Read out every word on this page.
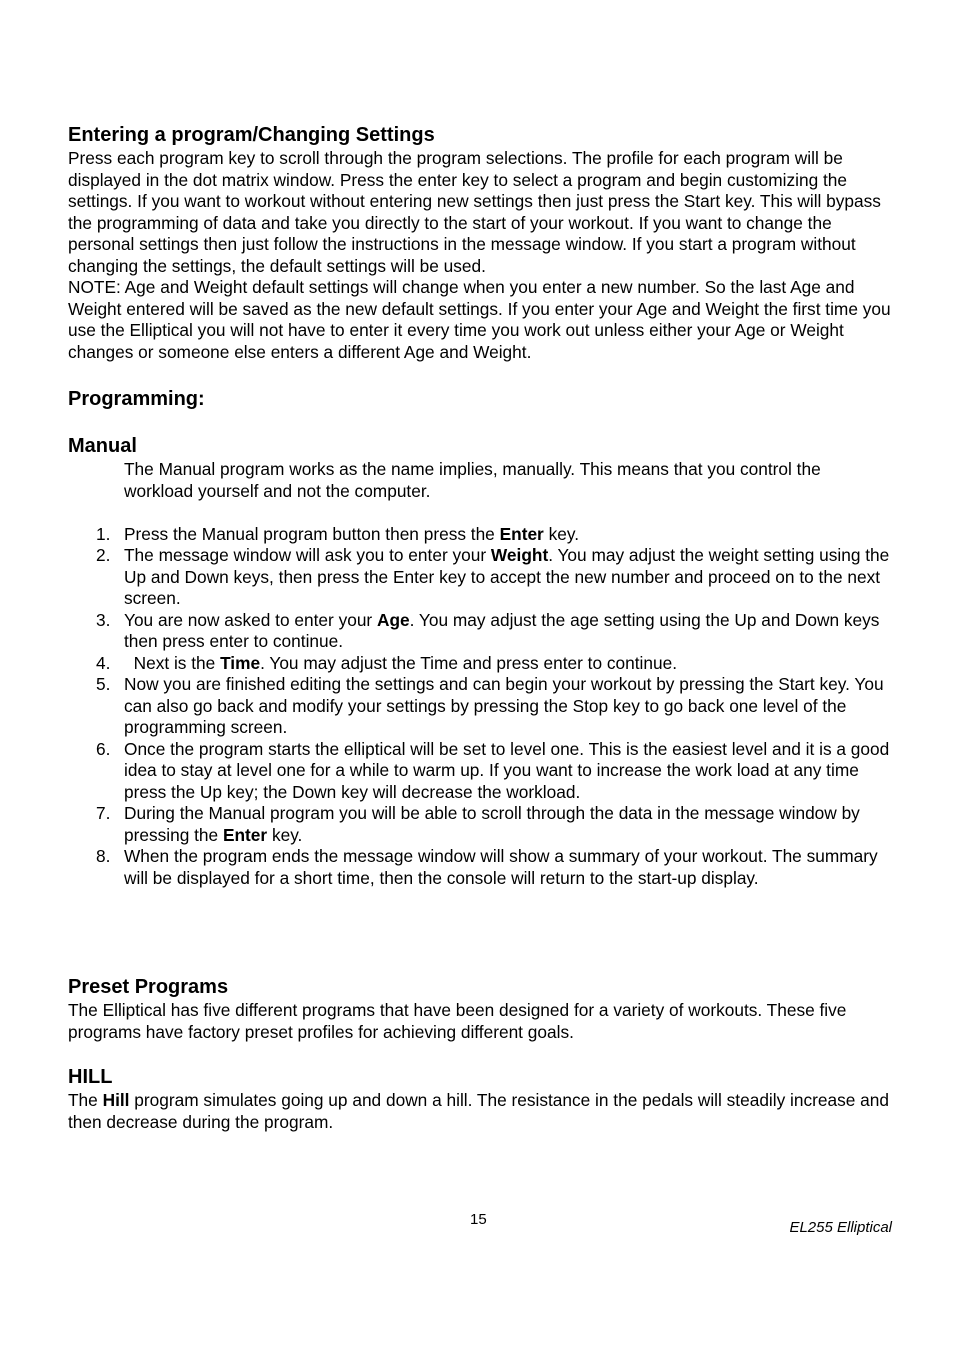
Entering a program/Changing Settings

Press each program key to scroll through the program selections. The profile for each program will be displayed in the dot matrix window. Press the enter key to select a program and begin customizing the settings. If you want to workout without entering new settings then just press the Start key. This will bypass the programming of data and take you directly to the start of your workout. If you want to change the personal settings then just follow the instructions in the message window. If you start a program without changing the settings, the default settings will be used.

NOTE: Age and Weight default settings will change when you enter a new number. So the last Age and Weight entered will be saved as the new default settings. If you enter your Age and Weight the first time you use the Elliptical you will not have to enter it every time you work out unless either your Age or Weight changes or someone else enters a different Age and Weight.

Programming:
Manual

The Manual program works as the name implies, manually. This means that you control the workload yourself and not the computer.

1. Press the Manual program button then press the Enter key.
2. The message window will ask you to enter your Weight. You may adjust the weight setting using the Up and Down keys, then press the Enter key to accept the new number and proceed on to the next screen.
3. You are now asked to enter your Age. You may adjust the age setting using the Up and Down keys then press enter to continue.
4. Next is the Time. You may adjust the Time and press enter to continue.
5. Now you are finished editing the settings and can begin your workout by pressing the Start key. You can also go back and modify your settings by pressing the Stop key to go back one level of the programming screen.
6. Once the program starts the elliptical will be set to level one. This is the easiest level and it is a good idea to stay at level one for a while to warm up. If you want to increase the work load at any time press the Up key; the Down key will decrease the workload.
7. During the Manual program you will be able to scroll through the data in the message window by pressing the Enter key.
8. When the program ends the message window will show a summary of your workout. The summary will be displayed for a short time, then the console will return to the start-up display.
Preset Programs

The Elliptical has five different programs that have been designed for a variety of workouts. These five programs have factory preset profiles for achieving different goals.

HILL

The Hill program simulates going up and down a hill. The resistance in the pedals will steadily increase and then decrease during the program.

15	EL255 Elliptical
